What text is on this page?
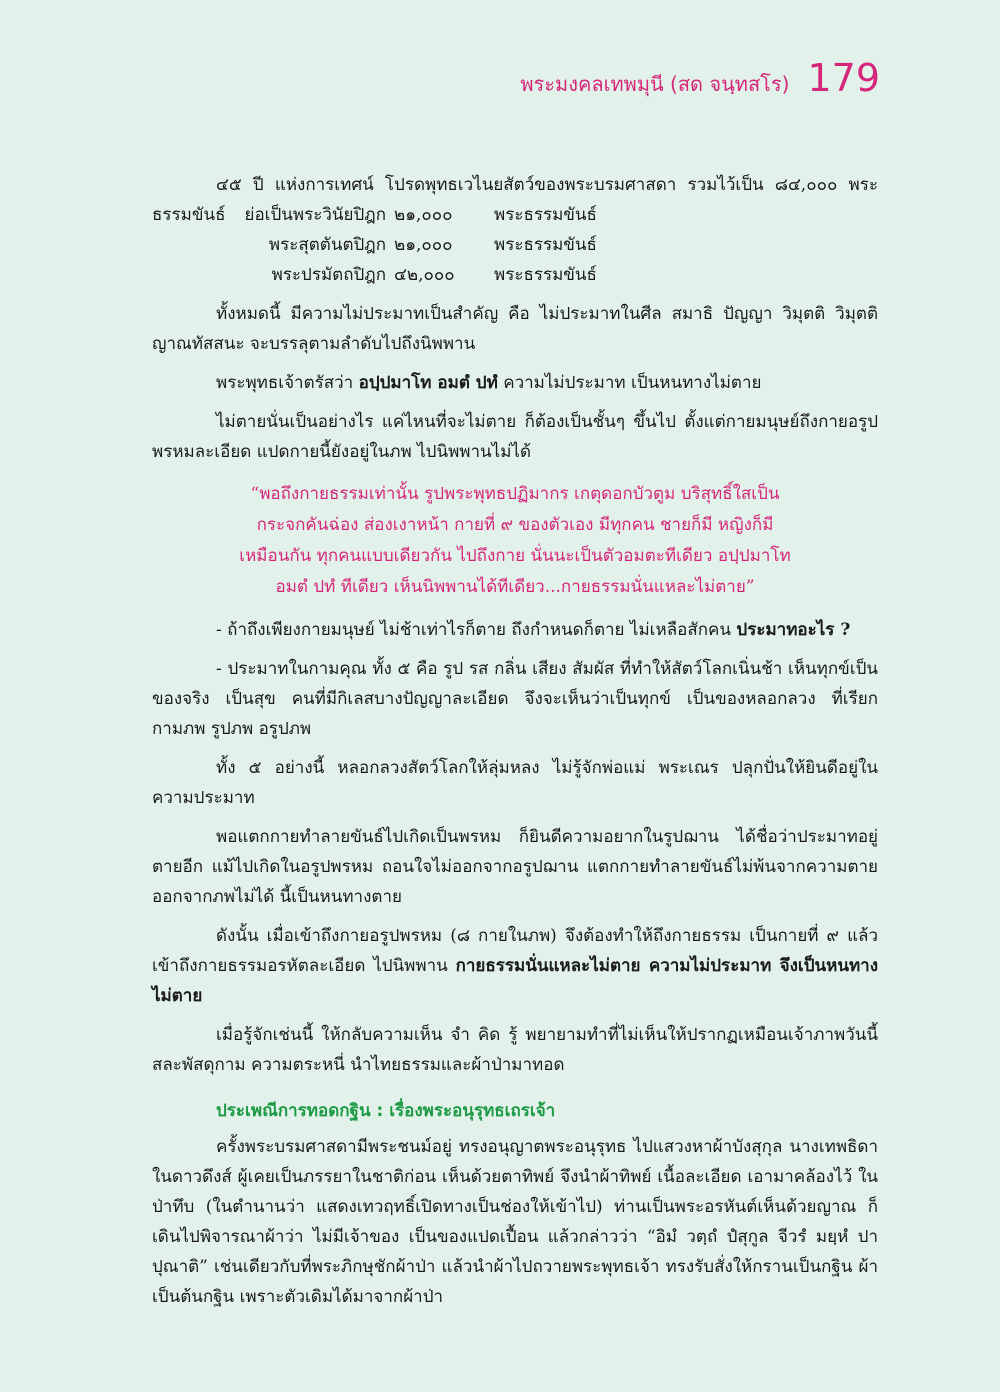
พระมงคลเทพมุนี (สด จนฺทสโร) 179

๔๕ ปี แห่งการเทศน์ โปรดพุทธเวไนยสัตว์ของพระบรมศาสดา รวมไว้เป็น ๘๔,๐๐๐ พระธรรมขันธ์	ย่อเป็นพระวินัยปิฎก ๒๑,๐๐๐	พระธรรมขันธ์
พระสุตตันตปิฎก ๒๑,๐๐๐	พระธรรมขันธ์
พระปรมัตถปิฎก ๔๒,๐๐๐	พระธรรมขันธ์

ทั้งหมดนี้ มีความไม่ประมาทเป็นสำคัญ คือ ไม่ประมาทในศีล สมาธิ ปัญญา วิมุตติ วิมุตติญาณทัสสนะ จะบรรลุตามลำดับไปถึงนิพพาน

พระพุทธเจ้าตรัสว่า อปฺปมาโท อมตํ ปทํ ความไม่ประมาท เป็นหนทางไม่ตาย

ไม่ตายนั่นเป็นอย่างไร แค่ไหนที่จะไม่ตาย ก็ต้องเป็นชั้นๆ ขึ้นไป ตั้งแต่กายมนุษย์ถึงกายอรูปพรหมละเอียด แปดกายนี้ยังอยู่ในภพ ไปนิพพานไม่ได้

“พอถึงกายธรรมเท่านั้น รูปพระพุทธปฏิมากร เกตุดอกบัวตูม บริสุทธิ์ใสเป็น
กระจกคันฉ่อง ส่องเงาหน้า กายที่ ๙ ของตัวเอง มีทุกคน ชายก็มี หญิงก็มี
เหมือนกัน ทุกคนแบบเดียวกัน ไปถึงกาย นั่นนะเป็นตัวอมตะทีเดียว อปฺปมาโท
อมตํ ปทํ ทีเดียว เห็นนิพพานได้ทีเดียว...กายธรรมนั่นแหละไม่ตาย”

- ถ้าถึงเพียงกายมนุษย์ ไม่ช้าเท่าไรก็ตาย ถึงกำหนดก็ตาย ไม่เหลือสักคน ประมาทอะไร ?

- ประมาทในกามคุณ ทั้ง ๕ คือ รูป รส กลิ่น เสียง สัมผัส ที่ทำให้สัตว์โลกเนิ่นช้า เห็นทุกข์เป็นของจริง เป็นสุข คนที่มีกิเลสบางปัญญาละเอียด จึงจะเห็นว่าเป็นทุกข์ เป็นของหลอกลวง ที่เรียก กามภพ รูปภพ อรูปภพ

ทั้ง ๕ อย่างนี้ หลอกลวงสัตว์โลกให้ลุ่มหลง ไม่รู้จักพ่อแม่ พระเณร ปลุกปั่นให้ยินดีอยู่ใน ความประมาท

พอแตกกายทำลายขันธ์ไปเกิดเป็นพรหม ก็ยินดีความอยากในรูปฌาน ได้ชื่อว่าประมาทอยู่ ตายอีก แม้ไปเกิดในอรูปพรหม ถอนใจไม่ออกจากอรูปฌาน แตกกายทำลายขันธ์ไม่พ้นจากความตาย ออกจากภพไม่ได้ นี้เป็นหนทางตาย

ดังนั้น เมื่อเข้าถึงกายอรูปพรหม (๘ กายในภพ) จึงต้องทำให้ถึงกายธรรม เป็นกายที่ ๙ แล้ว เข้าถึงกายธรรมอรหัตละเอียด ไปนิพพาน กายธรรมนั่นแหละไม่ตาย ความไม่ประมาท จึงเป็นหนทางไม่ตาย

เมื่อรู้จักเช่นนี้ ให้กลับความเห็น จำ คิด รู้ พยายามทำที่ไม่เห็นให้ปรากฏเหมือนเจ้าภาพวันนี้ สละพัสดุกาม ความตระหนี่ นำไทยธรรมและผ้าป่ามาทอด

ประเพณีการทอดกฐิน : เรื่องพระอนุรุทธเถรเจ้า

ครั้งพระบรมศาสดามีพระชนม์อยู่ ทรงอนุญาตพระอนุรุทธ ไปแสวงหาผ้าบังสุกุล นางเทพธิดา ในดาวดึงส์ ผู้เคยเป็นภรรยาในชาติก่อน เห็นด้วยตาทิพย์ จึงนำผ้าทิพย์ เนื้อละเอียด เอามาคล้องไว้ ในป่าทึบ (ในตำนานว่า แสดงเทวฤทธิ์เปิดทางเป็นช่องให้เข้าไป) ท่านเป็นพระอรหันต์เห็นด้วยญาณ ก็เดินไปพิจารณาผ้าว่า ไม่มีเจ้าของ เป็นของแปดเปื้อน แล้วกล่าวว่า “อิมํ วตฺถํ ปํสุกูล จีวรํ มยฺหํ ปาปุณาติ” เช่นเดียวกับที่พระภิกษุชักผ้าป่า แล้วนำผ้าไปถวายพระพุทธเจ้า ทรงรับสั่งให้กรานเป็นกฐิน ผ้าเป็นต้นกฐิน เพราะตัวเดิมได้มาจากผ้าป่า
